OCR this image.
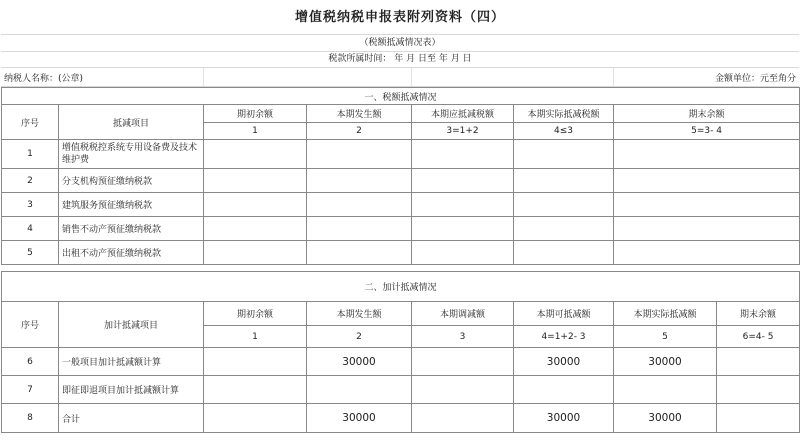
增值税纳税申报表附列资料（四）
（税额抵减情况表）
税款所属时间： 年 月 日至 年 月 日
纳税人名称：(公章)	金额单位：元至角分
一、税额抵减情况						
序号	抵减项目	期初余额	本期发生额	本期应抵减税额	本期实际抵减税额	期末余额
		1	2	3=1+2	4≤3	5=3- 4
1	增值税税控系统专用设备费及技术维护费					
2	分支机构预征缴纳税款					
3	建筑服务预征缴纳税款					
4	销售不动产预征缴纳税款					
5	出租不动产预征缴纳税款					
二、加计抵减情况							
序号	加计抵减项目	期初余额	本期发生额	本期调减额	本期可抵减额	本期实际抵减额	期末余额
		1	2	3	4=1+2- 3	5	6=4- 5
6	一般项目加计抵减额计算		30000		30000	30000	
7	即征即退项目加计抵减额计算						
8	合计		30000		30000	30000	
